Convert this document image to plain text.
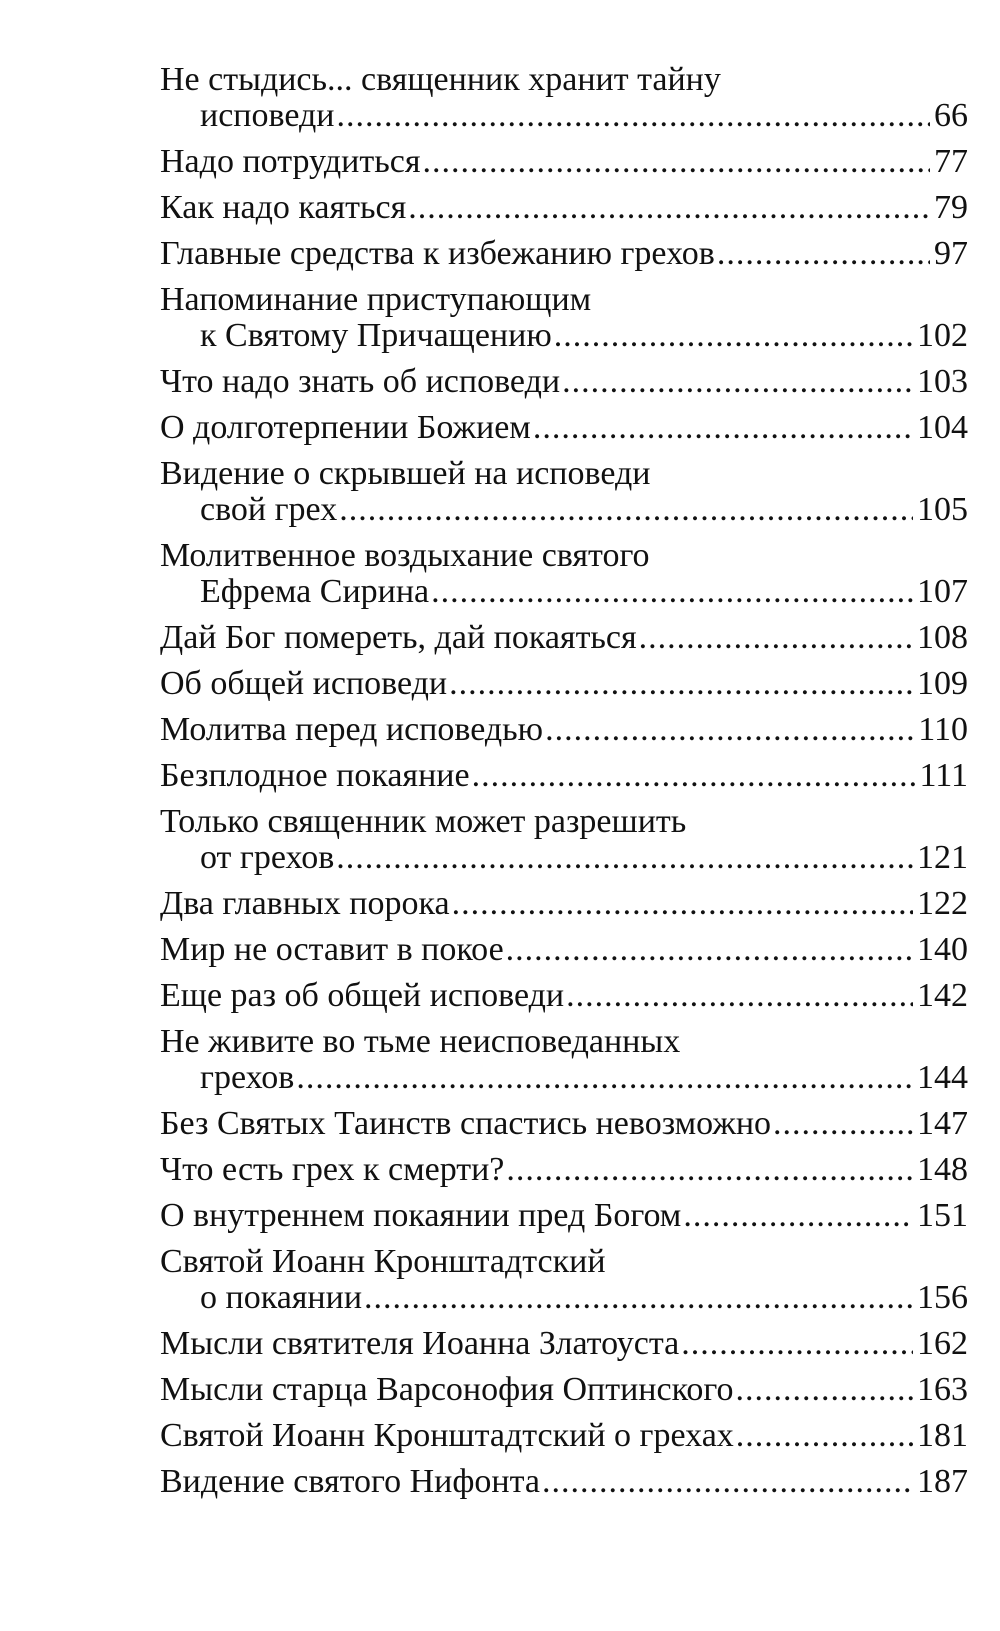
Не стыдись... священник хранит тайну
исповеди .....	66
Надо потрудиться .....	77
Как надо каяться .....	79
Главные средства к избежанию грехов .....	97
Напоминание приступающим
к Святому Причащению .....	102
Что надо знать об исповеди .....	103
О долготерпении Божием .....	104
Видение о скрывшей на исповеди
свой грех .....	105
Молитвенное воздыхание святого
Ефрема Сирина .....	107
Дай Бог помереть, дай покаяться .....	108
Об общей исповеди .....	109
Молитва перед исповедью .....	110
Безплодное покаяние .....	111
Только священник может разрешить
от грехов .....	121
Два главных порока .....	122
Мир не оставит в покое .....	140
Еще раз об общей исповеди .....	142
Не живите во тьме неисповеданных
грехов .....	144
Без Святых Таинств спастись невозможно .....	147
Что есть грех к смерти? .....	148
О внутреннем покаянии пред Богом .....	151
Святой Иоанн Кронштадтский
о покаянии .....	156
Мысли святителя Иоанна Златоуста .....	162
Мысли старца Варсонофия Оптинского .....	163
Святой Иоанн Кронштадтский о грехах .....	181
Видение святого Нифонта .....	187
